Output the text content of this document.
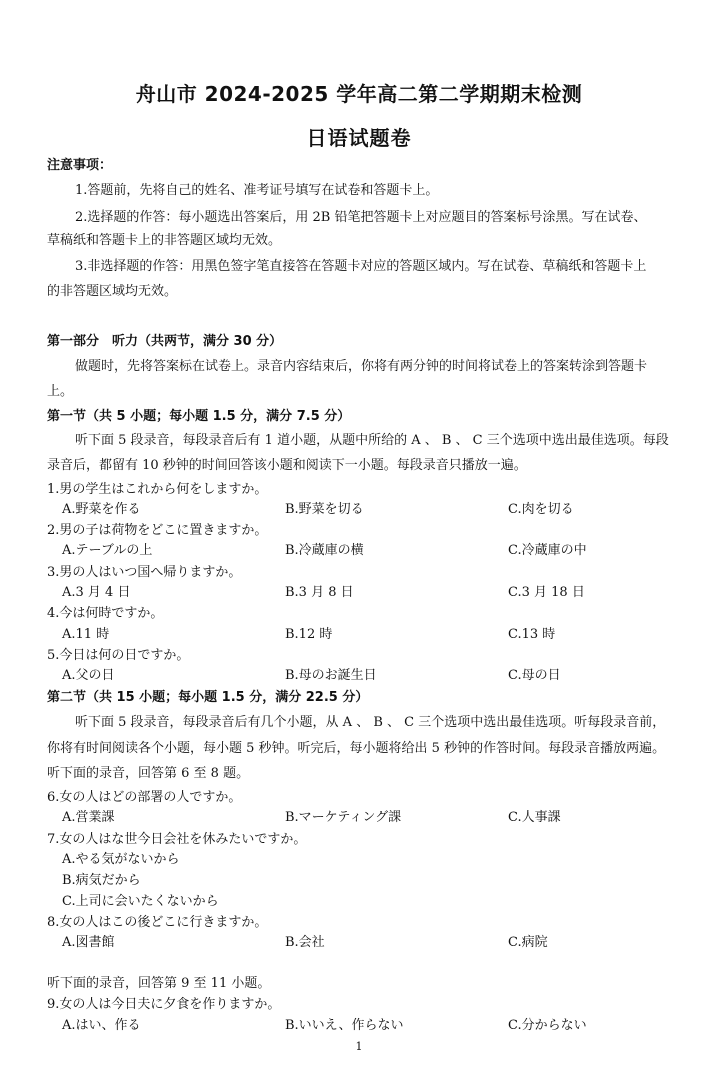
舟山市 2024-2025 学年高二第二学期期末检测
日语试题卷
注意事项：
1.答题前，先将自己的姓名、准考证号填写在试卷和答题卡上。
2.选择题的作答：每小题选出答案后，用 2B 铅笔把答题卡上对应题目的答案标号涂黑。写在试卷、
草稿纸和答题卡上的非答题区域均无效。
3.非选择题的作答：用黑色签字笔直接答在答题卡对应的答题区域内。写在试卷、草稿纸和答题卡上
的非答题区域均无效。
第一部分　听力（共两节，满分 30 分）
做题时，先将答案标在试卷上。录音内容结束后，你将有两分钟的时间将试卷上的答案转涂到答题卡
上。
第一节（共 5 小题；每小题 1.5 分，满分 7.5 分）
听下面 5 段录音，每段录音后有 1 道小题，从题中所给的 A 、 B 、 C 三个选项中选出最佳选项。每段
录音后，都留有 10 秒钟的时间回答该小题和阅读下一小题。每段录音只播放一遍。
1.男の学生はこれから何をしますか。
A.野菜を作る	B.野菜を切る	C.肉を切る
2.男の子は荷物をどこに置きますか。
A.テーブルの上	B.冷蔵庫の横	C.冷蔵庫の中
3.男の人はいつ国へ帰りますか。
A.3 月 4 日	B.3 月 8 日	C.3 月 18 日
4.今は何時ですか。
A.11 時	B.12 時	C.13 時
5.今日は何の日ですか。
A.父の日	B.母のお誕生日	C.母の日
第二节（共 15 小题；每小题 1.5 分，满分 22.5 分）
听下面 5 段录音，每段录音后有几个小题，从 A 、 B 、 C 三个选项中选出最佳选项。听每段录音前，
你将有时间阅读各个小题，每小题 5 秒钟。听完后，每小题将给出 5 秒钟的作答时间。每段录音播放两遍。
听下面的录音，回答第 6 至 8 题。
6.女の人はどの部署の人ですか。
A.営業課	B.マーケティング課	C.人事課
7.女の人はな世今日会社を休みたいですか。
A.やる気がないから
B.病気だから
C.上司に会いたくないから
8.女の人はこの後どこに行きますか。
A.図書館	B.会社	C.病院
听下面的录音，回答第 9 至 11 小题。
9.女の人は今日夫に夕食を作りますか。
A.はい、作る	B.いいえ、作らない	C.分からない
1
